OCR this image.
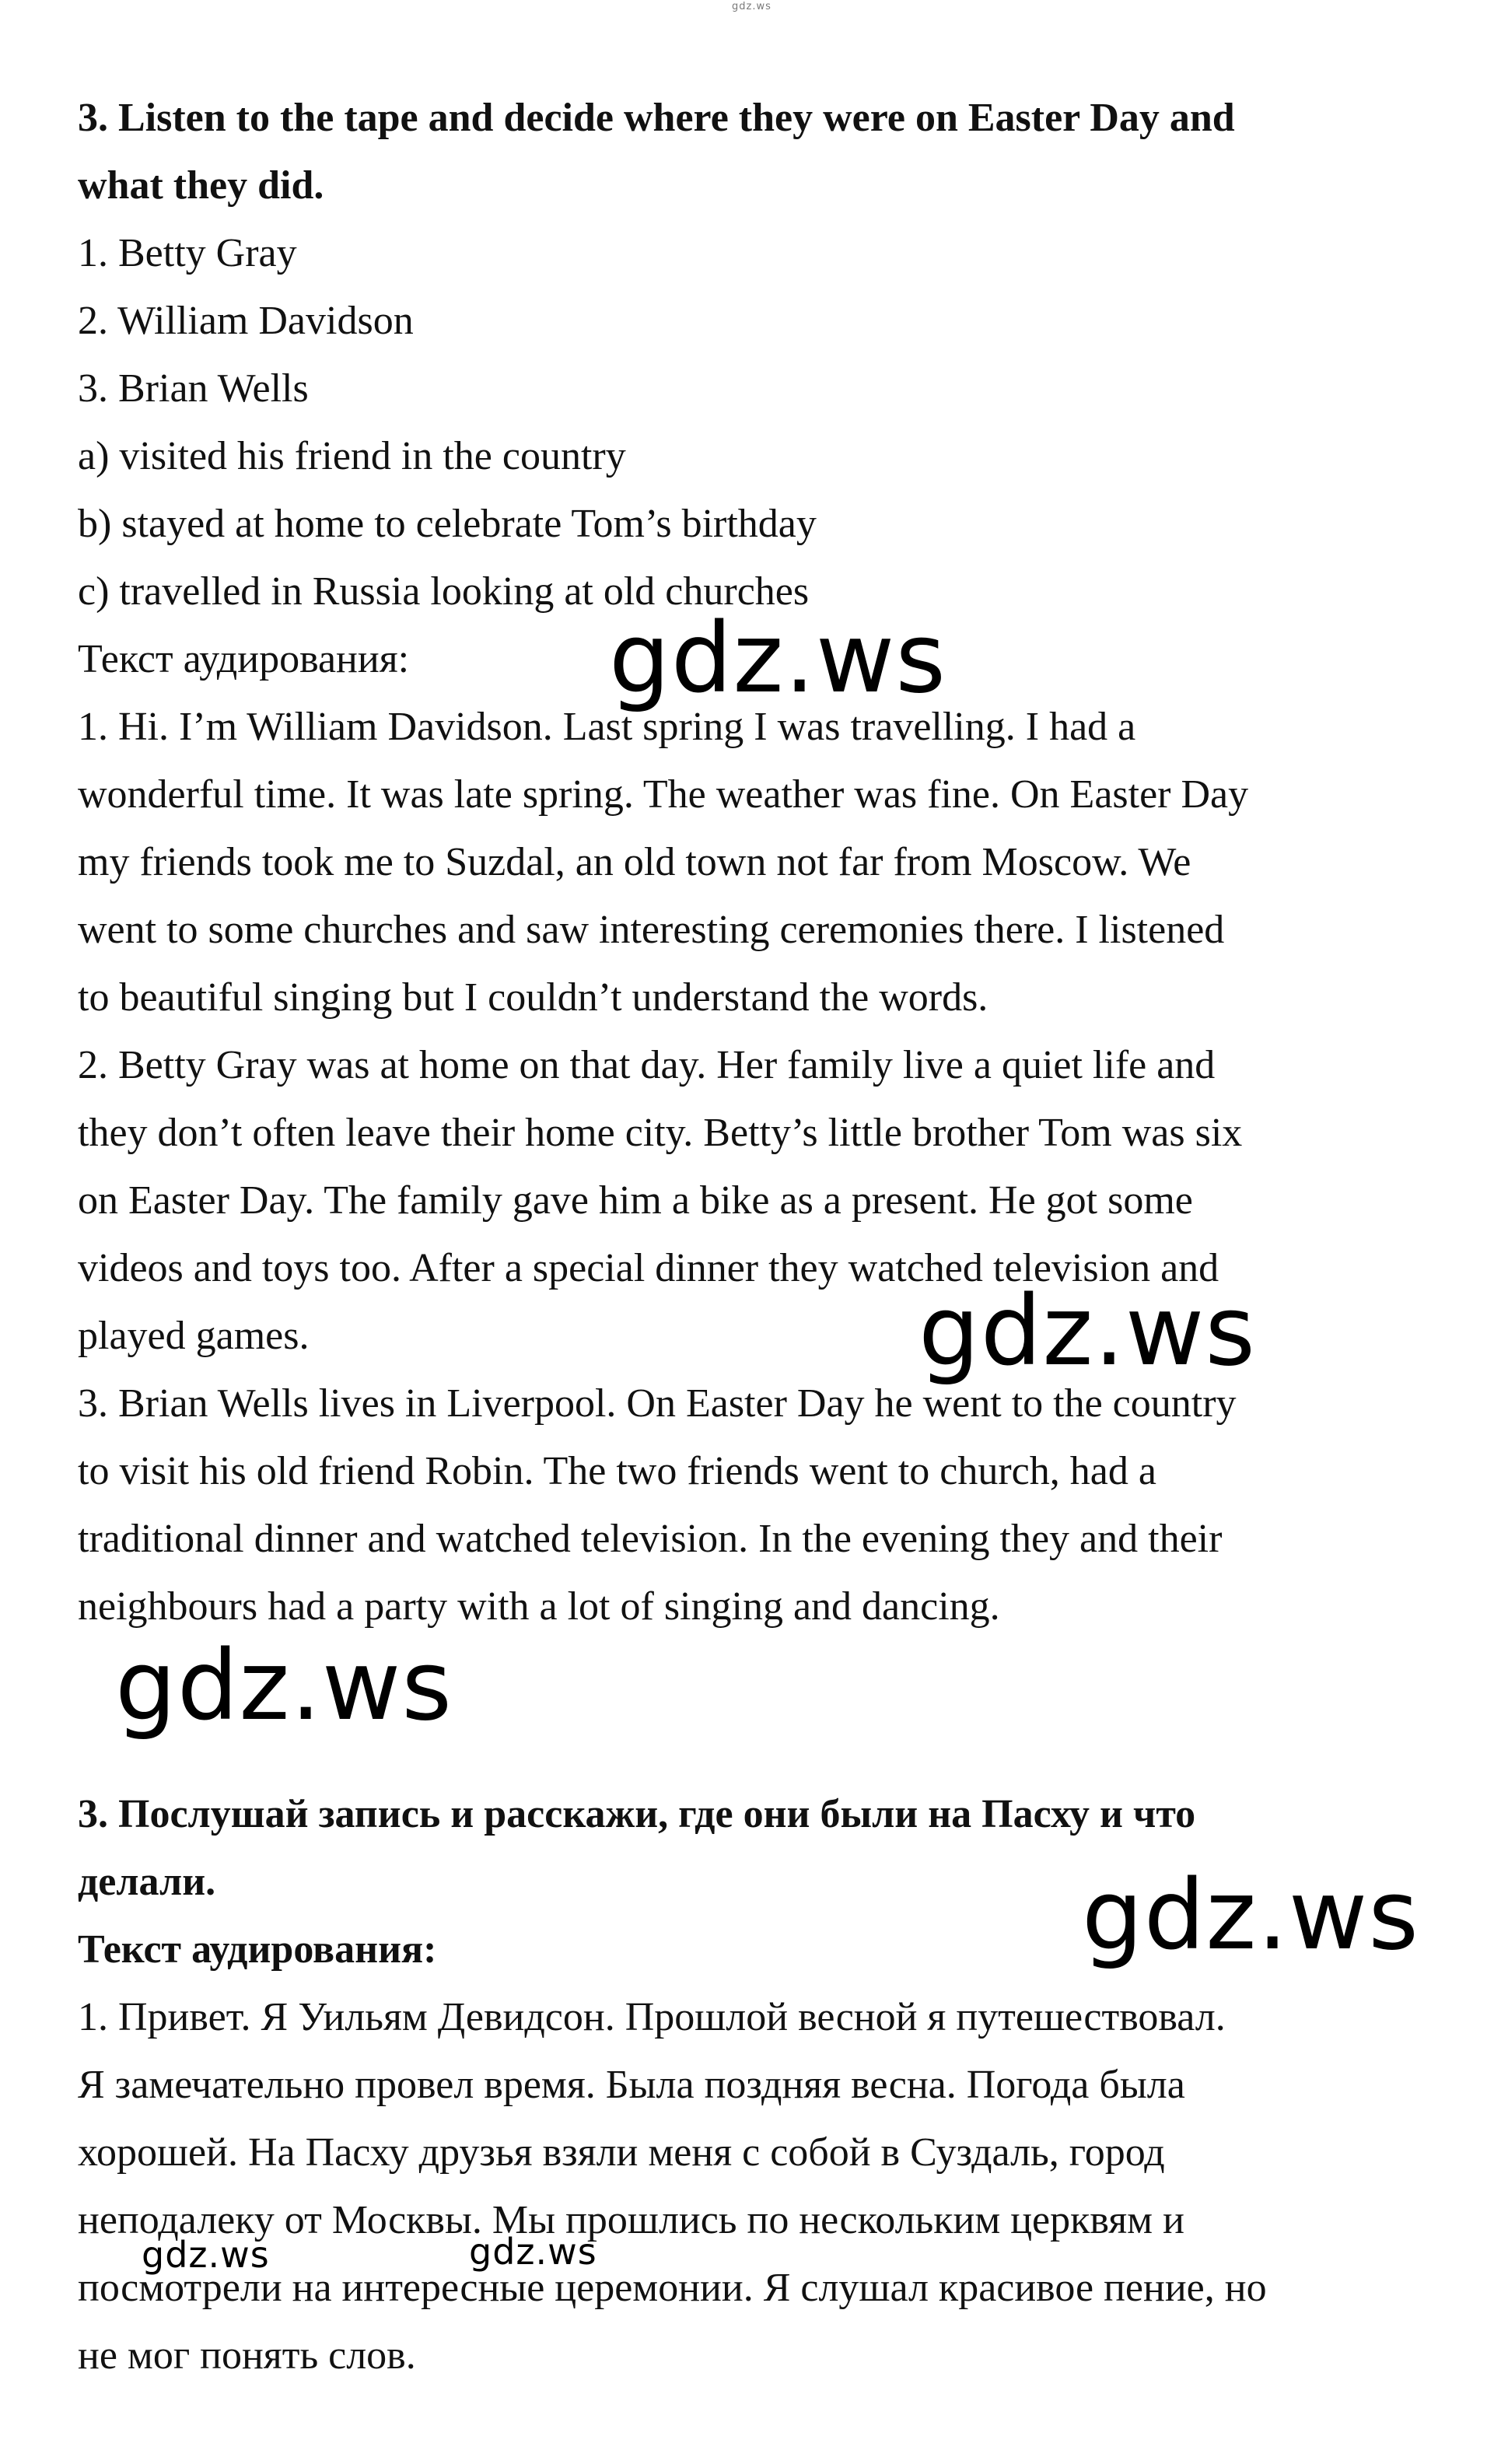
gdz.ws
3. Listen to the tape and decide where they were on Easter Day and
what they did.
1. Betty Gray
2. William Davidson
3. Brian Wells
a) visited his friend in the country
b) stayed at home to celebrate Tom’s birthday
c) travelled in Russia looking at old churches
Текст аудирования:
1. Hi. I’m William Davidson. Last spring I was travelling. I had a
wonderful time. It was late spring. The weather was fine. On Easter Day
my friends took me to Suzdal, an old town not far from Moscow. We
went to some churches and saw interesting ceremonies there. I listened
to beautiful singing but I couldn’t understand the words.
2. Betty Gray was at home on that day. Her family live a quiet life and
they don’t often leave their home city. Betty’s little brother Tom was six
on Easter Day. The family gave him a bike as a present. He got some
videos and toys too. After a special dinner they watched television and
played games.
3. Brian Wells lives in Liverpool. On Easter Day he went to the country
to visit his old friend Robin. The two friends went to church, had a
traditional dinner and watched television. In the evening they and their
neighbours had a party with a lot of singing and dancing.
3. Послушай запись и расскажи, где они были на Пасху и что
делали.
Текст аудирования:
1. Привет. Я Уильям Девидсон. Прошлой весной я путешествовал.
Я замечательно провел время. Была поздняя весна. Погода была
хорошей. На Пасху друзья взяли меня с собой в Суздаль, город
неподалеку от Москвы. Мы прошлись по нескольким церквям и
посмотрели на интересные церемонии. Я слушал красивое пение, но
не мог понять слов.
gdz.ws
gdz.ws
gdz.ws
gdz.ws
gdz.ws	gdz.ws
